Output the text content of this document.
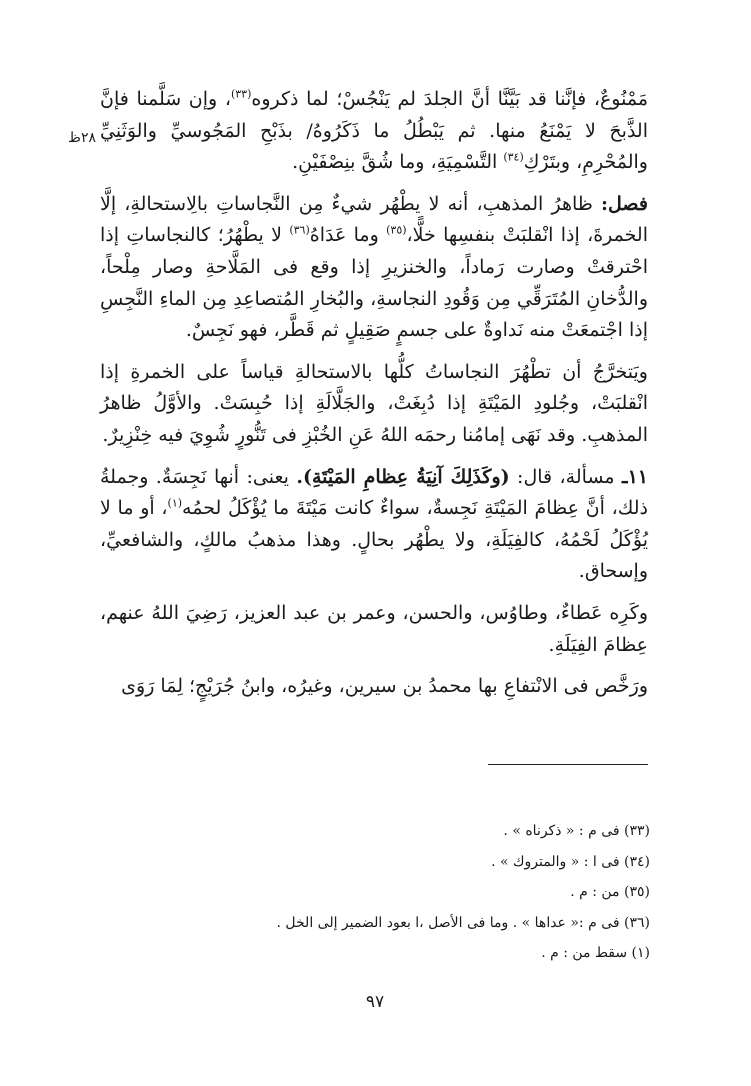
٢٨ظ

مَمْنُوعٌ، فإنَّنا قد بَيَّنَّا أنَّ الجلدَ لم يَنْجُسْ؛ لما ذكروه$^{(٣٣)}$، وإن سَلَّمنا فإنَّ الذَّبحَ لا يَمْنَعُ منها. ثم يَبْطُلُ ما ذَكَرُوهُ/ بذَبْحِ المَجُوسيِّ والوَثَنِيِّ والمُحْرِمِ، وبتَرْكِ$^{(٣٤)}$ التَّسْمِيَةِ، وما شُقَّ بنِصْفَيْنِ.

فصل: ظاهرُ المذهبِ، أنه لا يطْهُر شيءٌ مِن النَّجاساتِ بالِاستحالةِ، إلَّا الخمرةَ، إذا انْقلبَتْ بنفسِها خلًّا،$^{(٣٥)}$ وما عَدَاهُ$^{(٣٦)}$ لا يطْهُرُ؛ كالنجاساتِ إذا احْترقتْ وصارت رَماداً، والخنزيرِ إذا وقع فى المَلَّاحةِ وصار مِلْحاً، والدُّخانِ المُتَرَقِّي مِن وَقُودِ النجاسةِ، والبُخارِ المُتصاعِدِ مِن الماءِ النَّجِسِ إذا اجْتمعَتْ منه نَداوةٌ على جسمٍ صَقِيلٍ ثم قَطَّر، فهو نَجِسٌ.

ويَتخرَّجُ أن تطْهُرَ النجاساتُ كلُّها بالاستحالةِ قياساً على الخمرةِ إذا انْقلبَتْ، وجُلودِ المَيْتَةِ إذا دُبِغَتْ، والجَلَّالَةِ إذا حُبِسَتْ. والأوَّلُ ظاهرُ المذهبِ. وقد نَهَى إمامُنا رحمَه اللهُ عَنِ الخُبْزِ فى تَنُّورٍ شُوِيَ فيه خِنْزِيرٌ.

١١ـ مسألة، قال: (وكَذَلِكَ آنِيَةُ عِظامِ المَيْتَةِ). يعنى: أنها نَجِسَةٌ. وجملةُ ذلك، أنَّ عِظامَ المَيْتَةِ نَجِسةٌ، سواءٌ كانت مَيْتَةَ ما يُؤْكَلُ لحمُه$^{(١)}$، أو ما لا يُؤْكَلُ لَحْمُهُ، كالفِيَلَةِ، ولا يطْهُر بحالٍ. وهذا مذهبُ مالكٍ، والشافعيِّ، وإسحاق.

وكَرِه عَطاءٌ، وطاوُس، والحسن، وعمر بن عبد العزيز، رَضِيَ اللهُ عنهم، عِظامَ الفِيَلَةِ.

ورَخَّص فى الانْتفاعِ بها محمدُ بن سيرين، وغيرُه، وابنُ جُرَيْجٍ؛ لِمَا رَوَى

(٣٣) فى م : « ذكرناه » .

(٣٤) فى ا : « والمتروك » .

(٣٥) من : م .

(٣٦) فى م :« عداها » . وما فى الأصل ،ا بعود الضمير إلى الخل .

(١) سقط من : م .

٩٧
